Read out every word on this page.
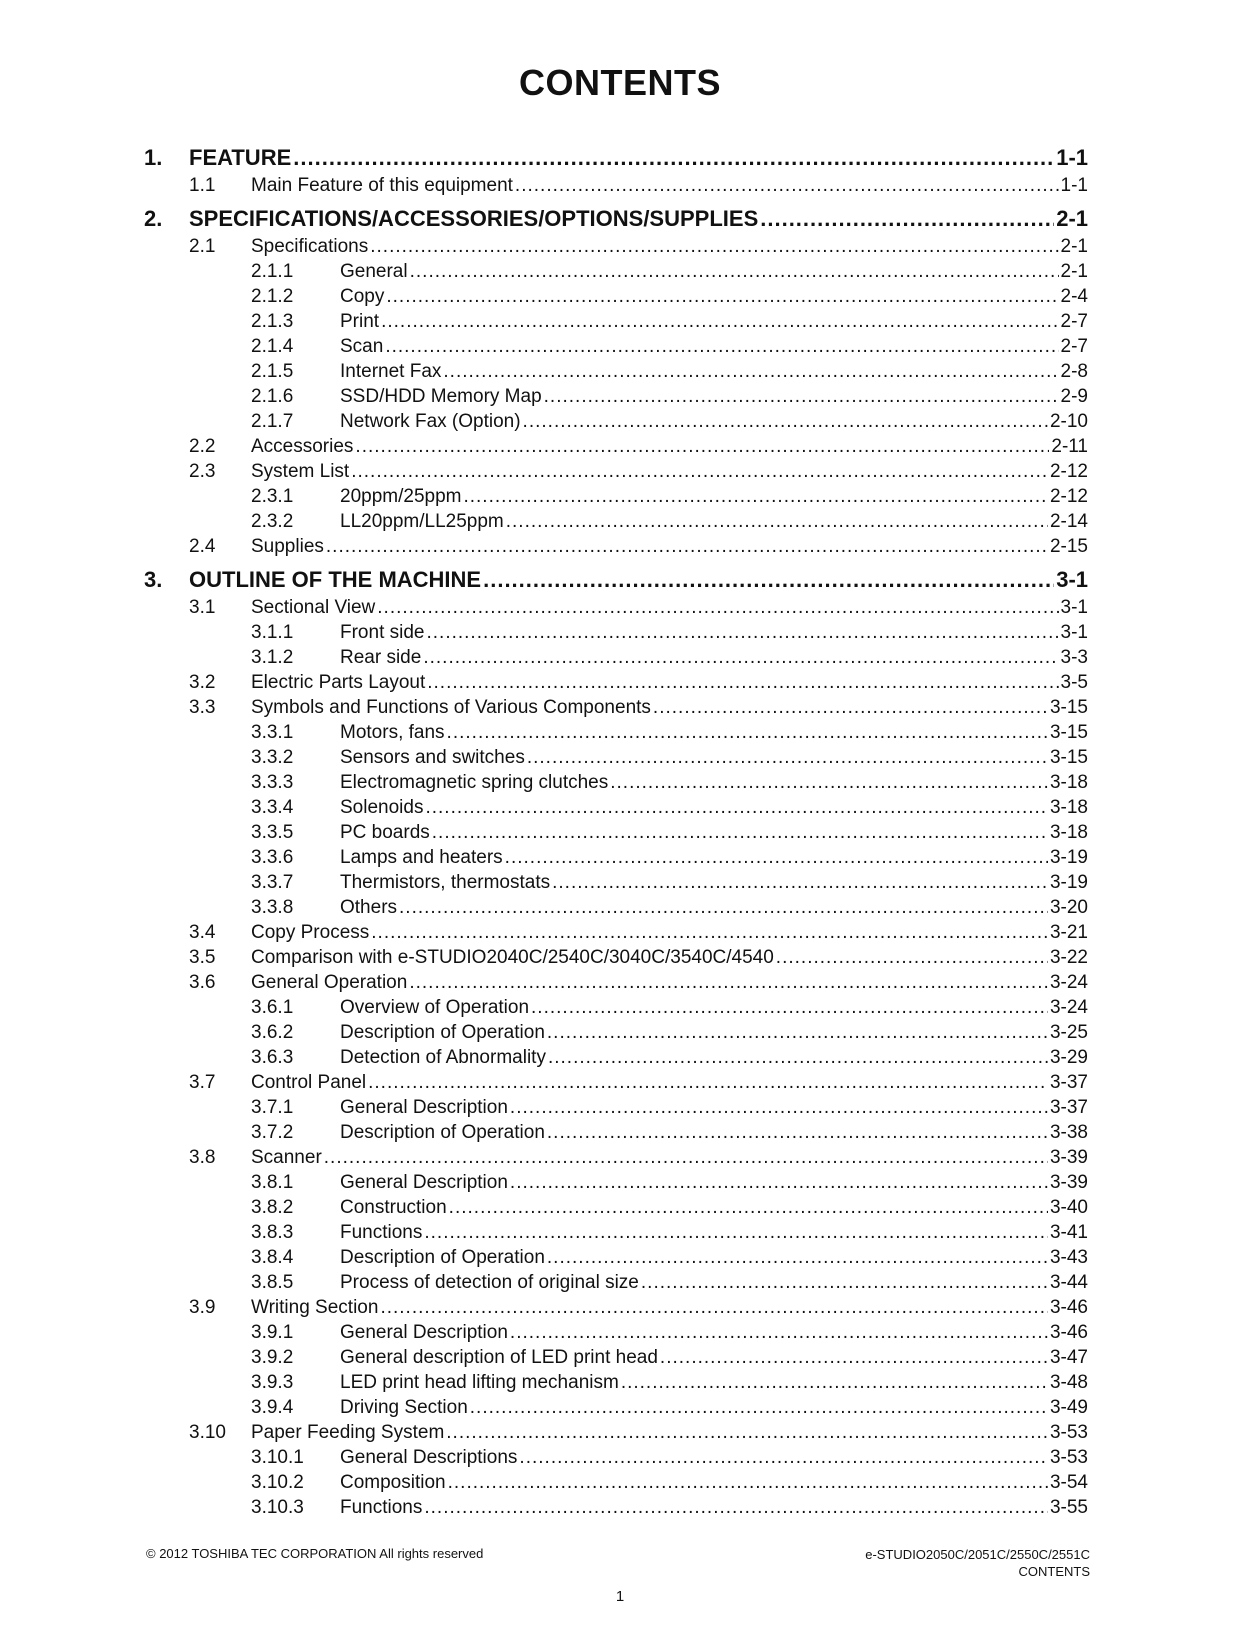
CONTENTS
1.	FEATURE .....	1-1
1.1	Main Feature of this equipment .....	1-1
2.	SPECIFICATIONS/ACCESSORIES/OPTIONS/SUPPLIES .....	2-1
2.1	Specifications .....	2-1
2.1.1	General .....	2-1
2.1.2	Copy .....	2-4
2.1.3	Print .....	2-7
2.1.4	Scan .....	2-7
2.1.5	Internet Fax .....	2-8
2.1.6	SSD/HDD Memory Map .....	2-9
2.1.7	Network Fax (Option) .....	2-10
2.2	Accessories .....	2-11
2.3	System List .....	2-12
2.3.1	20ppm/25ppm .....	2-12
2.3.2	LL20ppm/LL25ppm .....	2-14
2.4	Supplies .....	2-15
3.	OUTLINE OF THE MACHINE .....	3-1
3.1	Sectional View .....	3-1
3.1.1	Front side .....	3-1
3.1.2	Rear side .....	3-3
3.2	Electric Parts Layout .....	3-5
3.3	Symbols and Functions of Various Components .....	3-15
3.3.1	Motors, fans .....	3-15
3.3.2	Sensors and switches .....	3-15
3.3.3	Electromagnetic spring clutches .....	3-18
3.3.4	Solenoids .....	3-18
3.3.5	PC boards .....	3-18
3.3.6	Lamps and heaters .....	3-19
3.3.7	Thermistors, thermostats .....	3-19
3.3.8	Others .....	3-20
3.4	Copy Process .....	3-21
3.5	Comparison with e-STUDIO2040C/2540C/3040C/3540C/4540 .....	3-22
3.6	General Operation .....	3-24
3.6.1	Overview of Operation .....	3-24
3.6.2	Description of Operation .....	3-25
3.6.3	Detection of Abnormality .....	3-29
3.7	Control Panel .....	3-37
3.7.1	General Description .....	3-37
3.7.2	Description of Operation .....	3-38
3.8	Scanner .....	3-39
3.8.1	General Description .....	3-39
3.8.2	Construction .....	3-40
3.8.3	Functions .....	3-41
3.8.4	Description of Operation .....	3-43
3.8.5	Process of detection of original size .....	3-44
3.9	Writing Section .....	3-46
3.9.1	General Description .....	3-46
3.9.2	General description of LED print head .....	3-47
3.9.3	LED print head lifting mechanism .....	3-48
3.9.4	Driving Section .....	3-49
3.10	Paper Feeding System .....	3-53
3.10.1	General Descriptions .....	3-53
3.10.2	Composition .....	3-54
3.10.3	Functions .....	3-55
© 2012 TOSHIBA TEC CORPORATION All rights reserved	e-STUDIO2050C/2051C/2550C/2551C
CONTENTS
1
